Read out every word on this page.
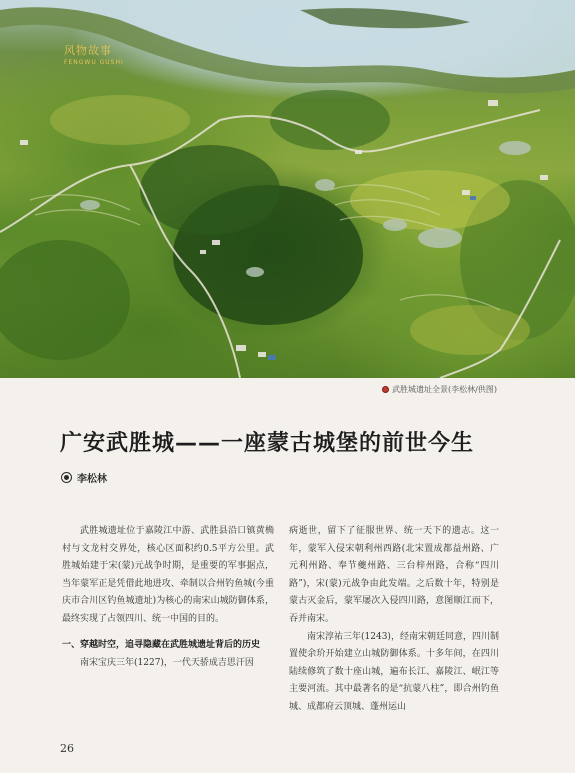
风物故事
FENGWU GUSHI
武胜城遗址全景(李松林/供图)
广安武胜城——一座蒙古城堡的前世今生
李松林

武胜城遗址位于嘉陵江中游、武胜县沿口镇黄桷村与文龙村交界处，核心区面积约0.5平方公里。武胜城始建于宋(蒙)元战争时期，是重要的军事据点，当年蒙军正是凭借此地进攻、牵制以合州钓鱼城(今重庆市合川区钓鱼城遗址)为核心的南宋山城防御体系，最终实现了占领四川、统一中国的目的。

一、穿越时空，追寻隐藏在武胜城遗址背后的历史

南宋宝庆三年(1227)，一代天骄成吉思汗因

病逝世，留下了征服世界、统一天下的遗志。这一年，蒙军入侵宋朝利州西路(北宋置成都益州路、广元利州路、奉节夔州路、三台梓州路，合称“四川路”)，宋(蒙)元战争由此发端。之后数十年，特别是蒙古灭金后，蒙军屡次入侵四川路，意图顺江而下，吞并南宋。

南宋淳祐三年(1243)，经南宋朝廷同意，四川制置使余玠开始建立山城防御体系。十多年间，在四川陆续修筑了数十座山城，遍布长江、嘉陵江、岷江等主要河流。其中最著名的是“抗蒙八柱”，即合州钓鱼城、成都府云顶城、蓬州运山

26
